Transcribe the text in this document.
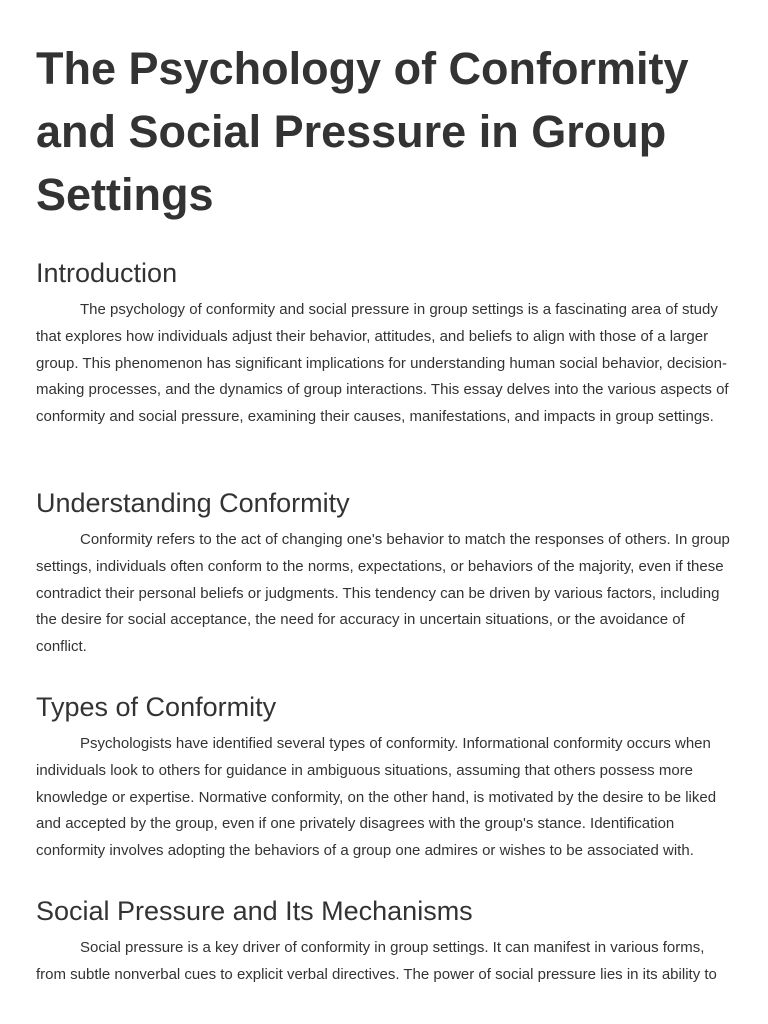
The Psychology of Conformity and Social Pressure in Group Settings
Introduction

The psychology of conformity and social pressure in group settings is a fascinating area of study that explores how individuals adjust their behavior, attitudes, and beliefs to align with those of a larger group. This phenomenon has significant implications for understanding human social behavior, decision-making processes, and the dynamics of group interactions. This essay delves into the various aspects of conformity and social pressure, examining their causes, manifestations, and impacts in group settings.

Understanding Conformity

Conformity refers to the act of changing one's behavior to match the responses of others. In group settings, individuals often conform to the norms, expectations, or behaviors of the majority, even if these contradict their personal beliefs or judgments. This tendency can be driven by various factors, including the desire for social acceptance, the need for accuracy in uncertain situations, or the avoidance of conflict.

Types of Conformity

Psychologists have identified several types of conformity. Informational conformity occurs when individuals look to others for guidance in ambiguous situations, assuming that others possess more knowledge or expertise. Normative conformity, on the other hand, is motivated by the desire to be liked and accepted by the group, even if one privately disagrees with the group's stance. Identification conformity involves adopting the behaviors of a group one admires or wishes to be associated with.

Social Pressure and Its Mechanisms

Social pressure is a key driver of conformity in group settings. It can manifest in various forms, from subtle nonverbal cues to explicit verbal directives. The power of social pressure lies in its ability to
